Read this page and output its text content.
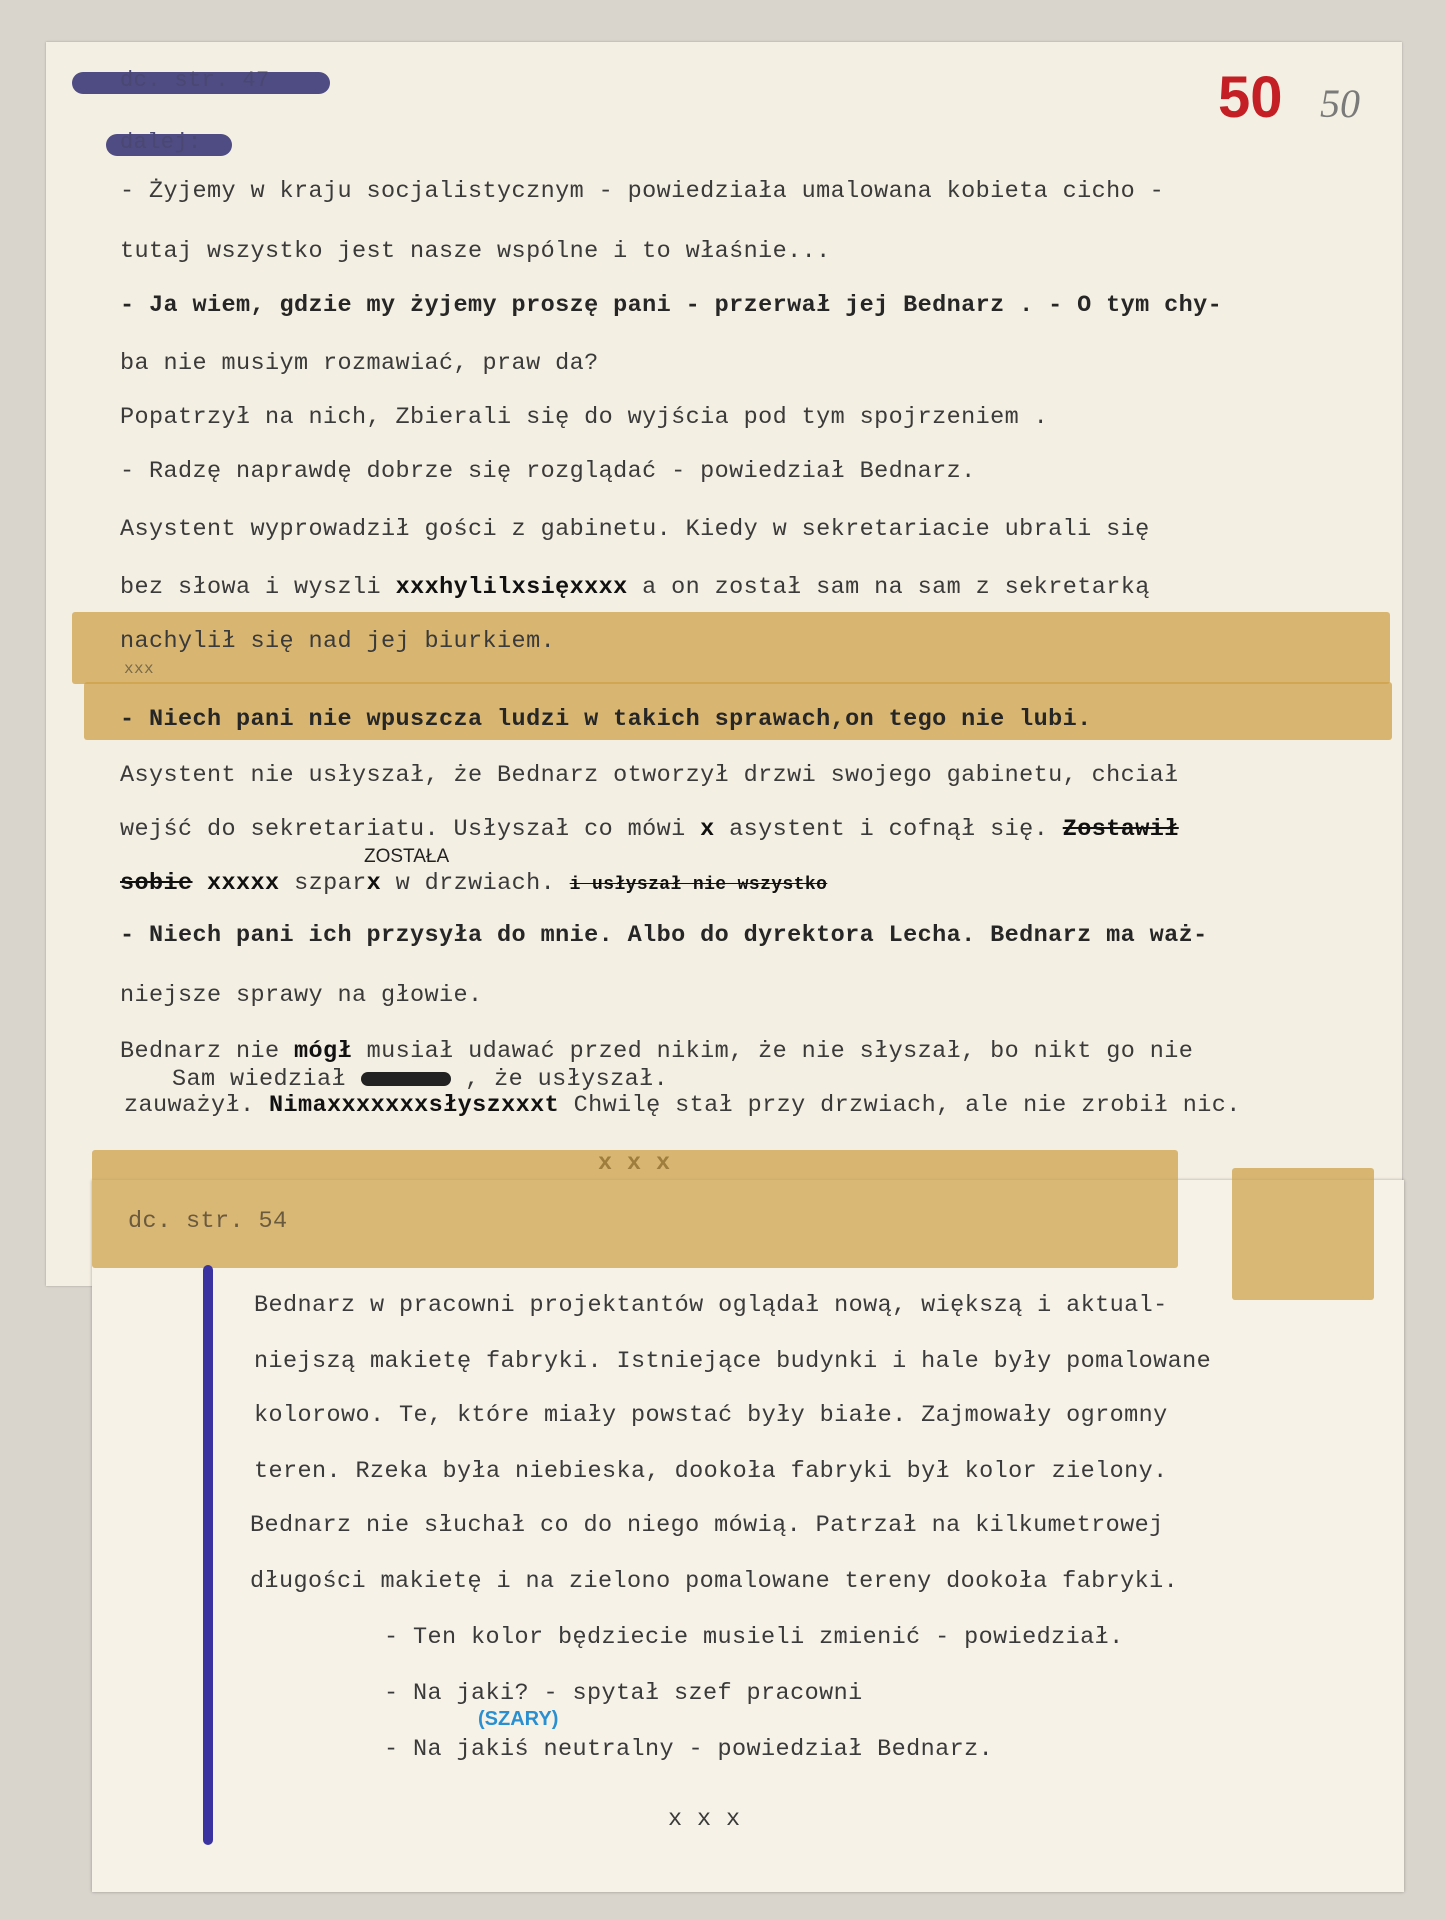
50 50
dc. str. 47
dalej:
- Żyjemy w kraju socjalistycznym - powiedziała umalowana kobieta cicho -
tutaj wszystko jest nasze wspólne i to właśnie...
- Ja wiem, gdzie my żyjemy proszę pani - przerwał jej Bednarz . - O tym chy-
ba nie musiym rozmawiać, praw da?
Popatrzył na nich, Zbierali się do wyjścia pod tym spojrzeniem .
- Radzę naprawdę dobrze się rozglądać - powiedział Bednarz.
Asystent wyprowadził gości z gabinetu. Kiedy w sekretariacie ubrali się
bez słowa i wyszli xxxhylilxsięxxxx a on został sam na sam z sekretarką
nachylił się nad jej biurkiem.
xxx
- Niech pani nie wpuszcza ludzi w takich sprawach,on tego nie lubi.
Asystent nie usłyszał, że Bednarz otworzył drzwi swojego gabinetu, chciał
wejść do sekretariatu. Usłyszał co mówi x asystent i cofnął się. Zostawił
ZOSTAŁA
sobie xxxxx szparx w drzwiach. i usłyszał nie wszystko
- Niech pani ich przysyła do mnie. Albo do dyrektora Lecha. Bednarz ma waż-
niejsze sprawy na głowie.
Bednarz nie mógł musiał udawać przed nikim, że nie słyszał, bo nikt go nie
Sam wiedział	, że usłyszał.
zauważył. Nimaxxxxxxxsłyszxxxt Chwilę stał przy drzwiach, ale nie zrobił nic.
dc. str. 54
Bednarz w pracowni projektantów oglądał nową, większą i aktual-
niejszą makietę fabryki. Istniejące budynki i hale były pomalowane
kolorowo. Te, które miały powstać były białe. Zajmowały ogromny
teren. Rzeka była niebieska, dookoła fabryki był kolor zielony.
Bednarz nie słuchał co do niego mówią. Patrzał na kilkumetrowej
długości makietę i na zielono pomalowane tereny dookoła fabryki.
- Ten kolor będziecie musieli zmienić - powiedział.
- Na jaki? - spytał szef pracowni
(SZARY)
- Na jakiś neutralny - powiedział Bednarz.
x x x
